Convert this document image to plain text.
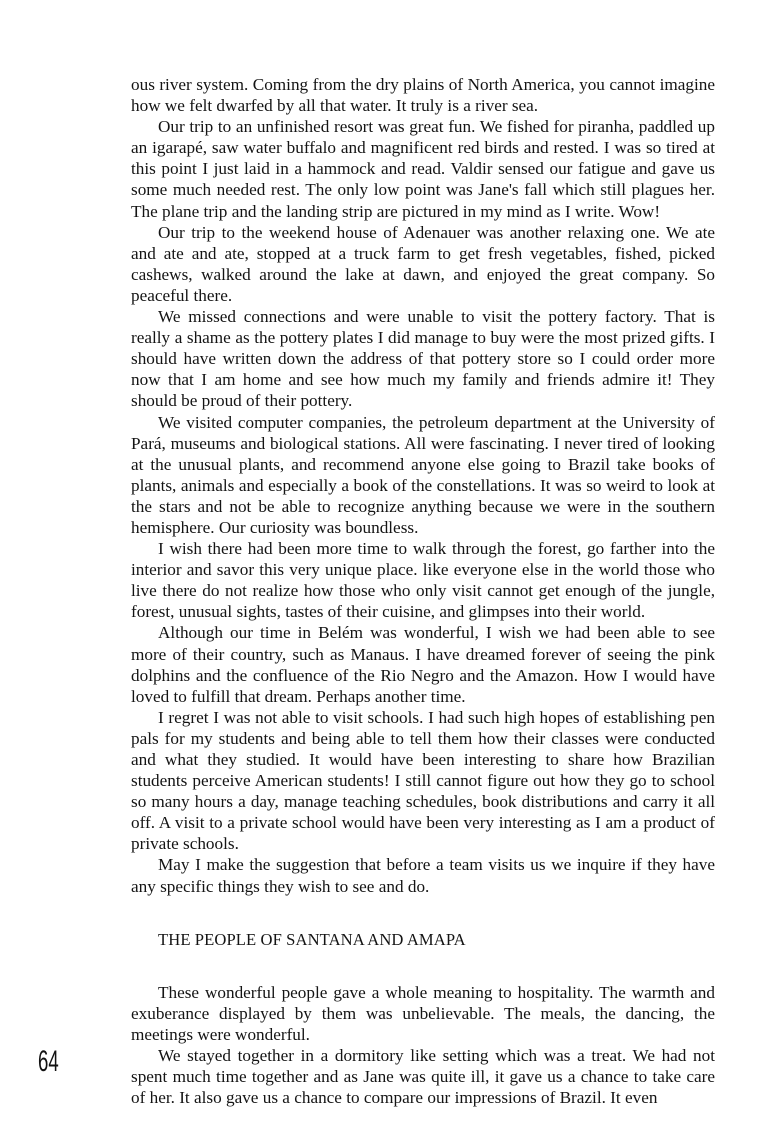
ous river system. Coming from the dry plains of North America, you cannot imagine how we felt dwarfed by all that water. It truly is a river sea.

Our trip to an unfinished resort was great fun. We fished for piranha, paddled up an igarapé, saw water buffalo and magnificent red birds and rested. I was so tired at this point I just laid in a hammock and read. Valdir sensed our fatigue and gave us some much needed rest. The only low point was Jane's fall which still plagues her. The plane trip and the landing strip are pictured in my mind as I write. Wow!

Our trip to the weekend house of Adenauer was another relaxing one. We ate and ate and ate, stopped at a truck farm to get fresh vegetables, fished, picked cashews, walked around the lake at dawn, and enjoyed the great company. So peaceful there.

We missed connections and were unable to visit the pottery factory. That is really a shame as the pottery plates I did manage to buy were the most prized gifts. I should have written down the address of that pottery store so I could order more now that I am home and see how much my family and friends admire it! They should be proud of their pottery.

We visited computer companies, the petroleum department at the University of Pará, museums and biological stations. All were fascinating. I never tired of looking at the unusual plants, and recommend anyone else going to Brazil take books of plants, animals and especially a book of the constellations. It was so weird to look at the stars and not be able to recognize anything because we were in the southern hemisphere. Our curiosity was boundless.

I wish there had been more time to walk through the forest, go farther into the interior and savor this very unique place. like everyone else in the world those who live there do not realize how those who only visit cannot get enough of the jungle, forest, unusual sights, tastes of their cuisine, and glimpses into their world.

Although our time in Belém was wonderful, I wish we had been able to see more of their country, such as Manaus. I have dreamed forever of seeing the pink dolphins and the confluence of the Rio Negro and the Amazon. How I would have loved to fulfill that dream. Perhaps another time.

I regret I was not able to visit schools. I had such high hopes of establishing pen pals for my students and being able to tell them how their classes were conducted and what they studied. It would have been interesting to share how Brazilian students perceive American students! I still cannot figure out how they go to school so many hours a day, manage teaching schedules, book distributions and carry it all off. A visit to a private school would have been very interesting as I am a product of private schools.

May I make the suggestion that before a team visits us we inquire if they have any specific things they wish to see and do.

THE PEOPLE OF SANTANA AND AMAPA

These wonderful people gave a whole meaning to hospitality. The warmth and exuberance displayed by them was unbelievable. The meals, the dancing, the meetings were wonderful.

We stayed together in a dormitory like setting which was a treat. We had not spent much time together and as Jane was quite ill, it gave us a chance to take care of her. It also gave us a chance to compare our impressions of Brazil. It even

64
